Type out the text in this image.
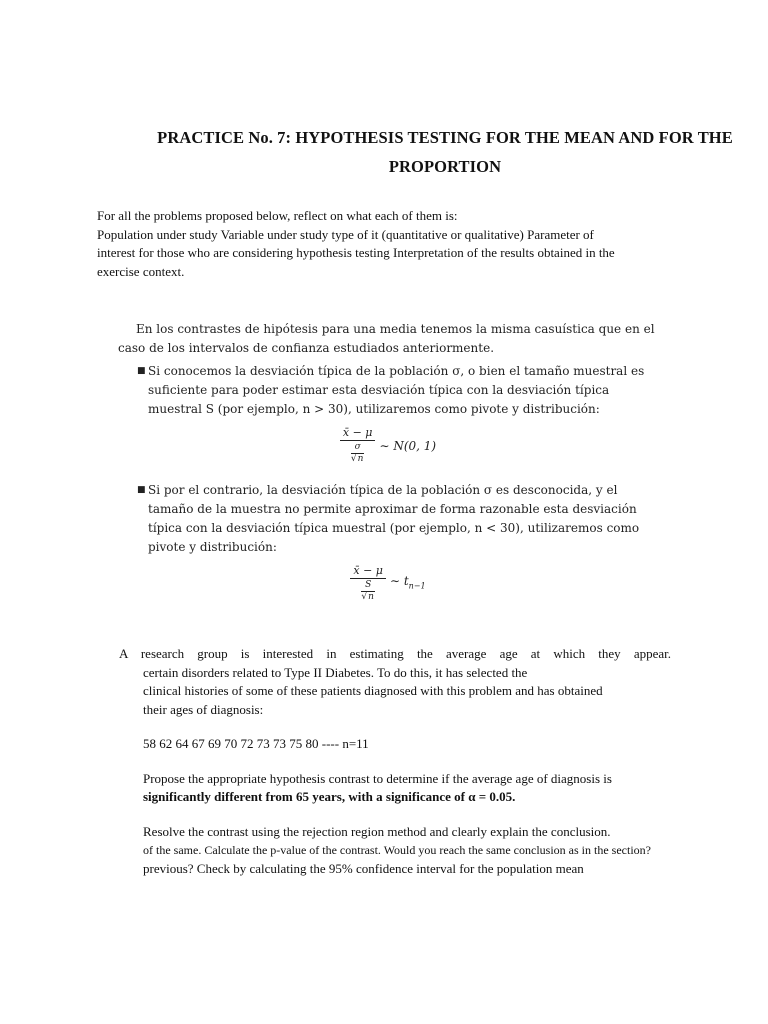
PRACTICE No. 7: HYPOTHESIS TESTING FOR THE MEAN AND FOR THE
PROPORTION

For all the problems proposed below, reflect on what each of them is:

Population under study Variable under study type of it (quantitative or qualitative) Parameter of

interest for those who are considering hypothesis testing Interpretation of the results obtained in the

exercise context.

En los contrastes de hipótesis para una media tenemos la misma casuística que en el caso de los intervalos de confianza estudiados anteriormente.

■ Si conocemos la desviación típica de la población σ, o bien el tamaño muestral es suficiente para poder estimar esta desviación típica con la desviación típica muestral S (por ejemplo, n > 30), utilizaremos como pivote y distribución:
x̄ − μ
σ
√n ∼ N(0, 1)
■ Si por el contrario, la desviación típica de la población σ es desconocida, y el tamaño de la muestra no permite aproximar de forma razonable esta desviación típica con la desviación típica muestral (por ejemplo, n < 30), utilizaremos como pivote y distribución:
x̄ − μ
S
√n ∼ $t_{n-1}$

A research group is interested in estimating the average age at which they appear.

certain disorders related to Type II Diabetes. To do this, it has selected the

clinical histories of some of these patients diagnosed with this problem and has obtained

their ages of diagnosis:

58 62 64 67 69 70 72 73 73 75 80 ---- n=11

Propose the appropriate hypothesis contrast to determine if the average age of diagnosis is

significantly different from 65 years, with a significance of α = 0.05.

Resolve the contrast using the rejection region method and clearly explain the conclusion.

of the same. Calculate the p-value of the contrast. Would you reach the same conclusion as in the section?

previous? Check by calculating the 95% confidence interval for the population mean
